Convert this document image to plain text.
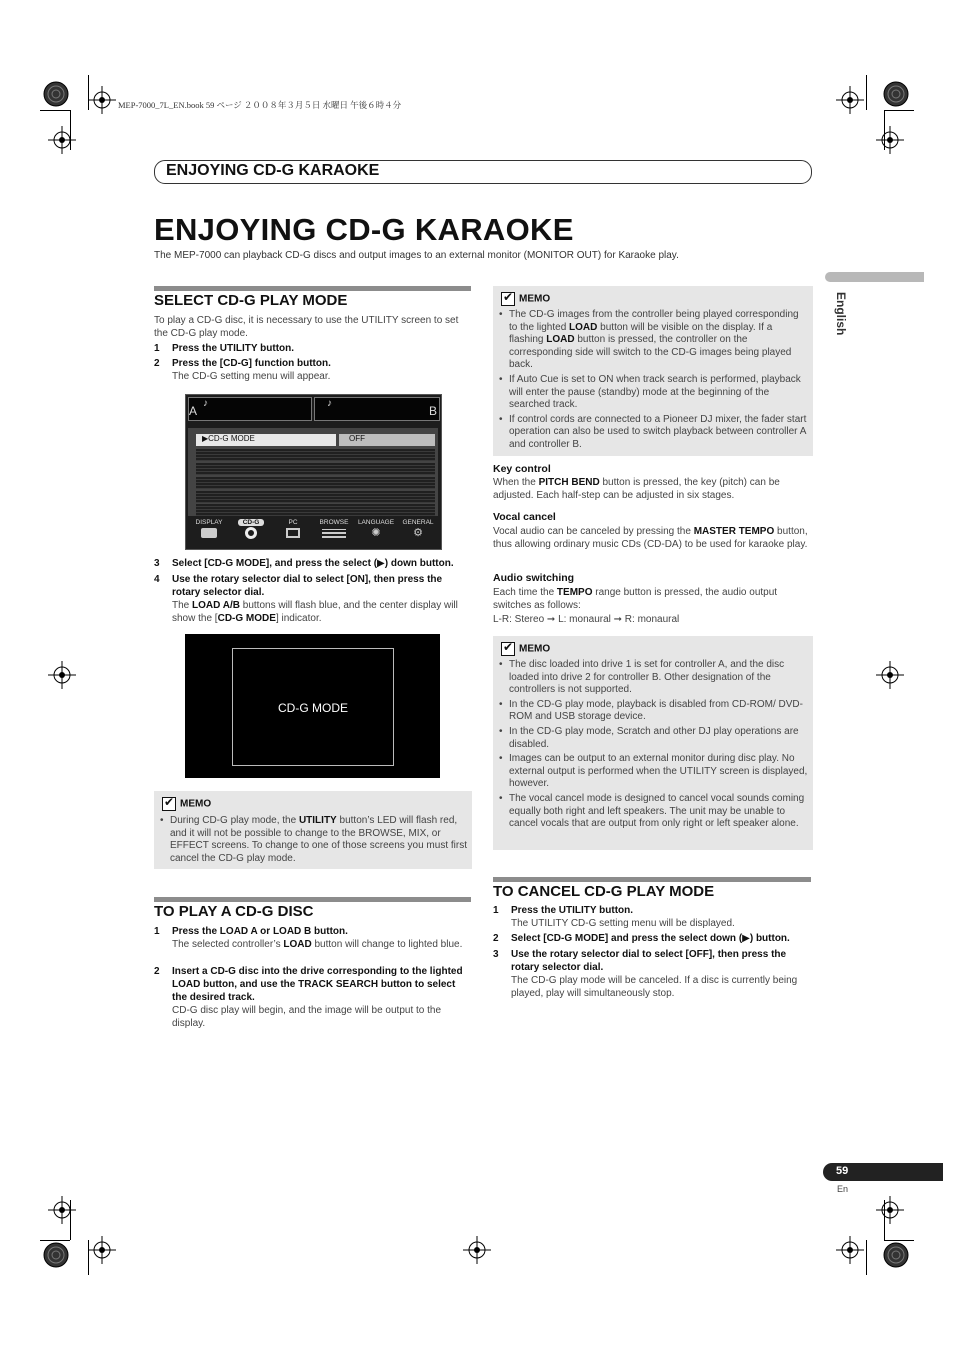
MEP-7000_7L_EN.book 59 ページ ２００８年３月５日 水曜日 午後６時４分
ENJOYING CD-G KARAOKE
ENJOYING CD-G KARAOKE
The MEP-7000 can playback CD-G discs and output images to an external monitor (MONITOR OUT) for Karaoke play.
English
SELECT CD-G PLAY MODE
To play a CD-G disc, it is necessary to use the UTILITY screen to set the CD-G play mode.
1 Press the UTILITY button.
2 Press the [CD-G] function button.
The CD-G setting menu will appear.
A
♪	♪
B
▶CD-G MODE	OFF
DISPLAY	CD-G	PC	BROWSE	LANGUAGE
✺
GENERAL
⚙
3 Select [CD-G MODE], and press the select (▶) down button.
4 Use the rotary selector dial to select [ON], then press the rotary selector dial.
The LOAD A/B buttons will flash blue, and the center display will show the [CD-G MODE] indicator.
CD-G MODE
✔MEMO
• During CD-G play mode, the UTILITY button’s LED will flash red, and it will not be possible to change to the BROWSE, MIX, or EFFECT screens. To change to one of those screens you must first cancel the CD-G play mode.
TO PLAY A CD-G DISC
1 Press the LOAD A or LOAD B button.
The selected controller’s LOAD button will change to lighted blue.
2 Insert a CD-G disc into the drive corresponding to the lighted LOAD button, and use the TRACK SEARCH button to select the desired track.
CD-G disc play will begin, and the image will be output to the display.
✔MEMO
• The CD-G images from the controller being played corresponding to the lighted LOAD button will be visible on the display. If a flashing LOAD button is pressed, the controller on the corresponding side will switch to the CD-G images being played back.
• If Auto Cue is set to ON when track search is performed, playback will enter the pause (standby) mode at the beginning of the searched track.
• If control cords are connected to a Pioneer DJ mixer, the fader start operation can also be used to switch playback between controller A and controller B.
Key control
When the PITCH BEND button is pressed, the key (pitch) can be adjusted. Each half-step can be adjusted in six stages.
Vocal cancel
Vocal audio can be canceled by pressing the MASTER TEMPO button, thus allowing ordinary music CDs (CD-DA) to be used for karaoke play.
Audio switching
Each time the TEMPO range button is pressed, the audio output switches as follows:
L-R: Stereo ➞ L: monaural ➞ R: monaural
✔MEMO
• The disc loaded into drive 1 is set for controller A, and the disc loaded into drive 2 for controller B. Other designation of the controllers is not supported.
• In the CD-G play mode, playback is disabled from CD-ROM/ DVD-ROM and USB storage device.
• In the CD-G play mode, Scratch and other DJ play operations are disabled.
• Images can be output to an external monitor during disc play. No external output is performed when the UTILITY screen is displayed, however.
• The vocal cancel mode is designed to cancel vocal sounds coming equally both right and left speakers. The unit may be unable to cancel vocals that are output from only right or left speaker alone.
TO CANCEL CD-G PLAY MODE
1 Press the UTILITY button.
The UTILITY CD-G setting menu will be displayed.
2 Select [CD-G MODE] and press the select down (▶) button.
3 Use the rotary selector dial to select [OFF], then press the rotary selector dial.
The CD-G play mode will be canceled. If a disc is currently being played, play will simultaneously stop.
59
En
